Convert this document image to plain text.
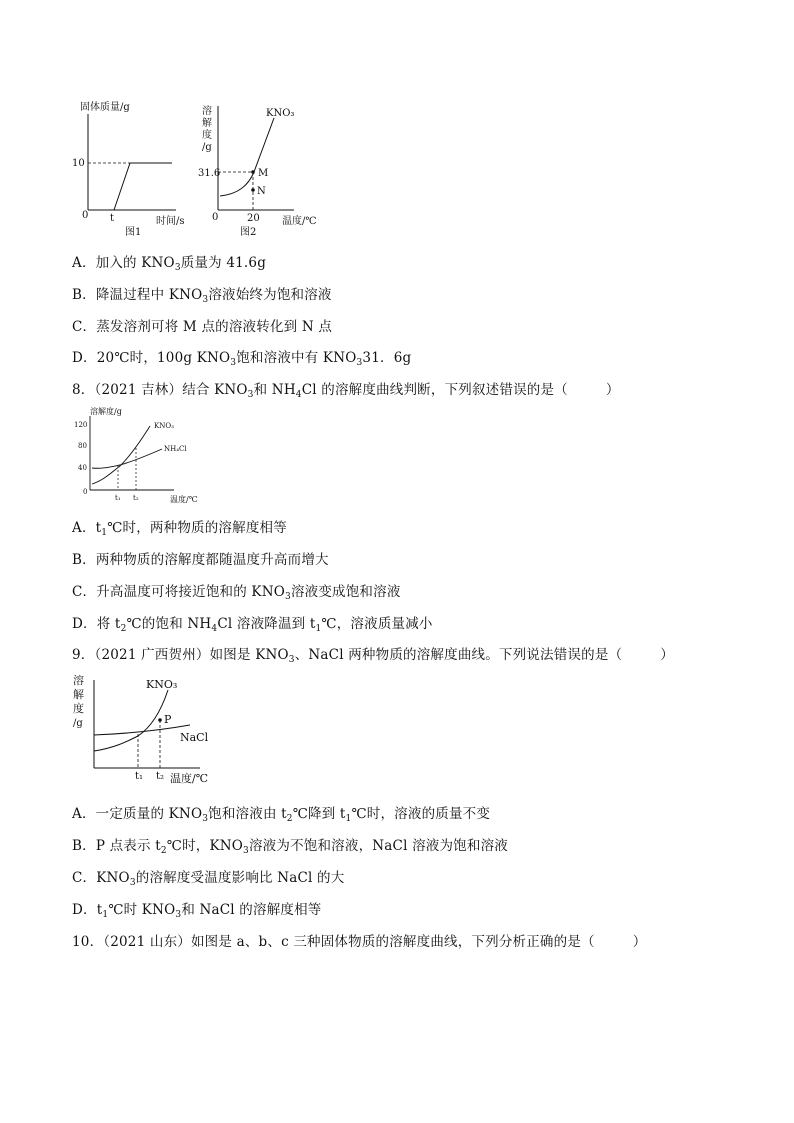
固体质量/g
10
0 t	时间/s
图1
溶
解
度
/g
KNO₃
31.6	M
N
0	20 温度/℃
图2
A．加入的 $KNO_3$质量为 41.6g
B．降温过程中 $KNO_3$溶液始终为饱和溶液
C．蒸发溶剂可将 M 点的溶液转化到 N 点
D．20℃时，100g $KNO_3$饱和溶液中有 $KNO_331$．6g
8．（2021 吉林）结合 $KNO_3$和 $NH_4Cl$ 的溶解度曲线判断，下列叙述错误的是（	）
溶解度/g
120
80
40
0
KNO₃
NH₄Cl
t₁ t₂	温度/℃
A．$t_1℃$时，两种物质的溶解度相等
B．两种物质的溶解度都随温度升高而增大
C．升高温度可将接近饱和的 $KNO_3$溶液变成饱和溶液
D．将 $t_2℃$的饱和 $NH_4Cl$ 溶液降温到 $t_1℃$，溶液质量减小
9．（2021 广西贺州）如图是 $KNO_3$、NaCl 两种物质的溶解度曲线。下列说法错误的是（	）
溶
解
度
/g
KNO₃
NaCl
P
t₁ t₂ 温度/℃
A．一定质量的 $KNO_3$饱和溶液由 $t_2℃$降到 $t_1℃$时，溶液的质量不变
B．P 点表示 $t_2℃$时，$KNO_3$溶液为不饱和溶液，NaCl 溶液为饱和溶液
C．$KNO_3$的溶解度受温度影响比 NaCl 的大
D．$t_1℃$时 $KNO_3$和 NaCl 的溶解度相等
10．（2021 山东）如图是 a、b、c 三种固体物质的溶解度曲线，下列分析正确的是（	）
